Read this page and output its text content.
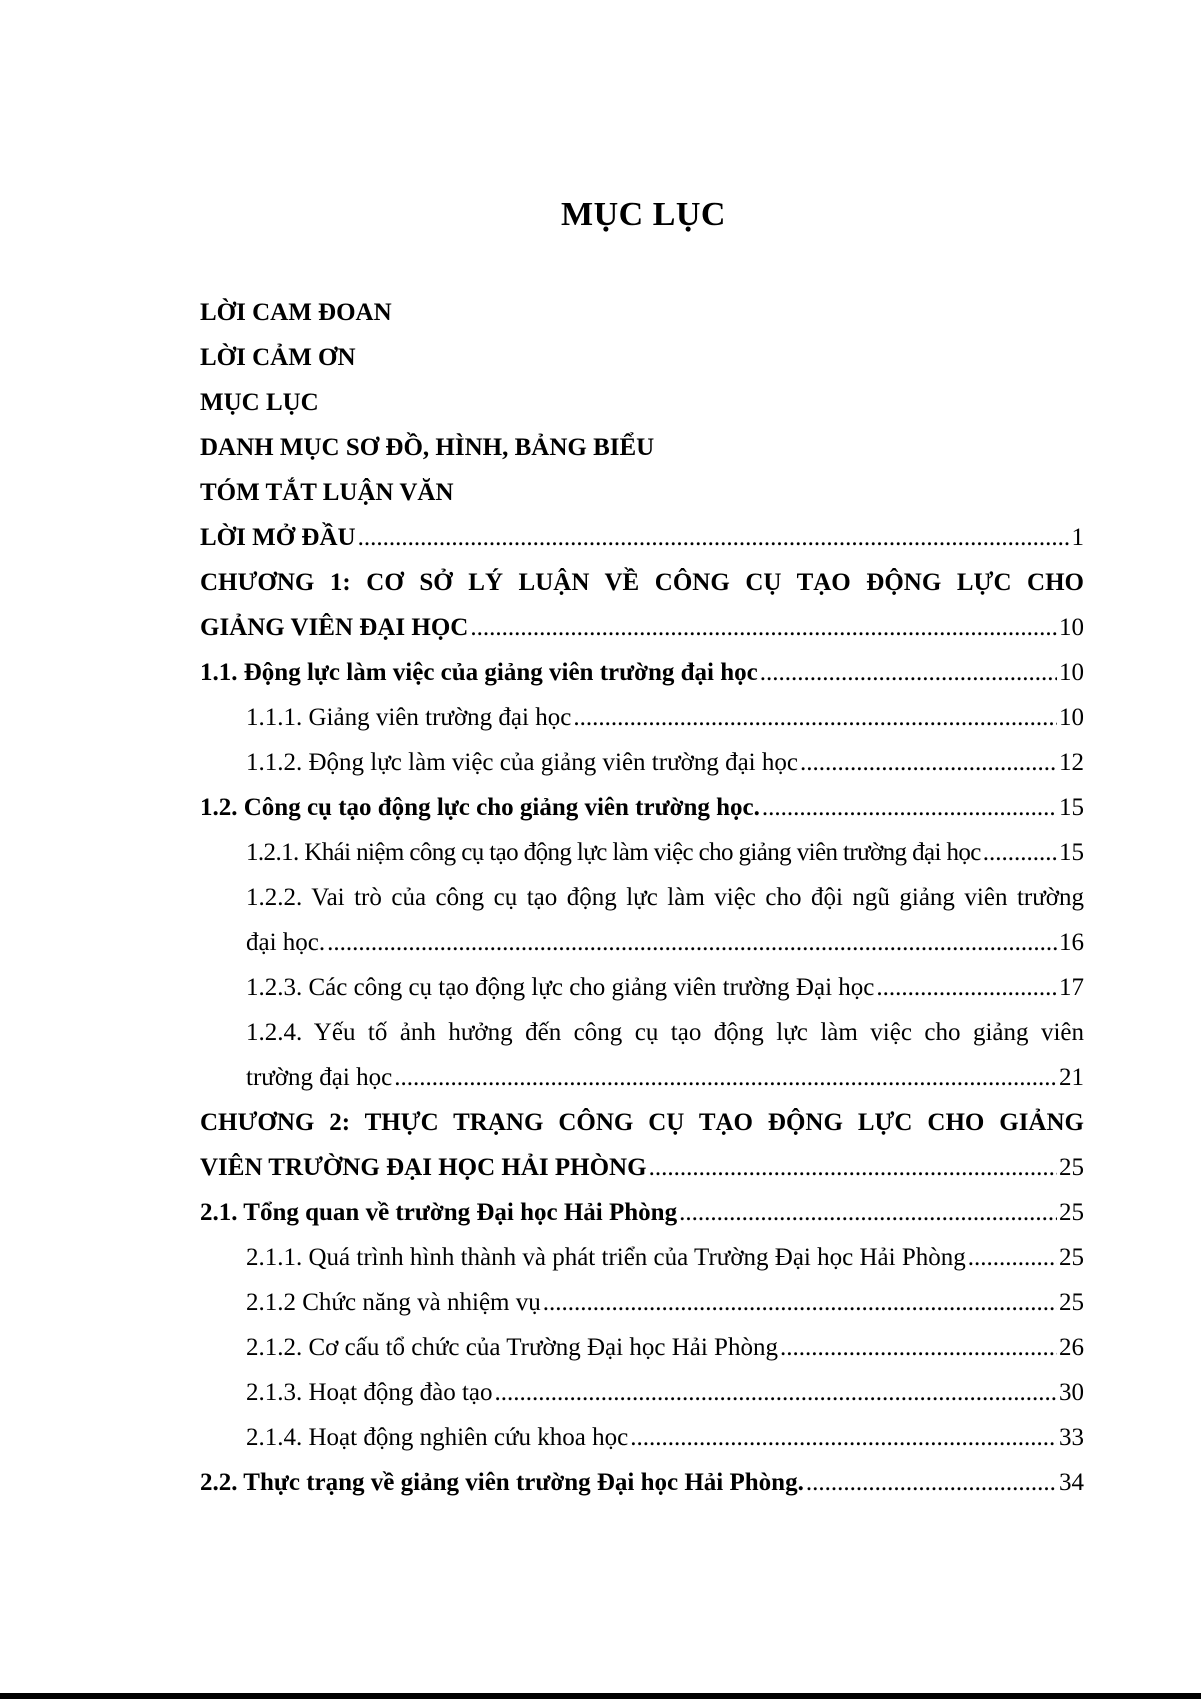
MỤC LỤC
LỜI CAM ĐOAN
LỜI CẢM ƠN
MỤC LỤC
DANH MỤC SƠ ĐỒ, HÌNH, BẢNG BIỂU
TÓM TẮT LUẬN VĂN
LỜI MỞ ĐẦU .....	1
CHƯƠNG 1: CƠ SỞ LÝ LUẬN VỀ CÔNG CỤ TẠO ĐỘNG LỰC CHO
GIẢNG VIÊN ĐẠI HỌC .....	10
1.1. Động lực làm việc của giảng viên trường đại học .....	10
1.1.1. Giảng viên trường đại học .....	10
1.1.2. Động lực làm việc của giảng viên trường đại học .....	12
1.2. Công cụ tạo động lực cho giảng viên trường học. .....	15
1.2.1. Khái niệm công cụ tạo động lực làm việc cho giảng viên trường đại học .....	15
1.2.2. Vai trò của công cụ tạo động lực làm việc cho đội ngũ giảng viên trường
đại học. .....	16
1.2.3. Các công cụ tạo động lực cho giảng viên trường Đại học .....	17
1.2.4. Yếu tố ảnh hưởng đến công cụ tạo động lực làm việc cho giảng viên
trường đại học .....	21
CHƯƠNG 2: THỰC TRẠNG CÔNG CỤ TẠO ĐỘNG LỰC CHO GIẢNG
VIÊN TRƯỜNG ĐẠI HỌC HẢI PHÒNG .....	25
2.1. Tổng quan về trường Đại học Hải Phòng .....	25
2.1.1. Quá trình hình thành và phát triển của Trường Đại học Hải Phòng .....	25
2.1.2 Chức năng và nhiệm vụ .....	25
2.1.2. Cơ cấu tổ chức của Trường Đại học Hải Phòng .....	26
2.1.3. Hoạt động đào tạo .....	30
2.1.4. Hoạt động nghiên cứu khoa học .....	33
2.2. Thực trạng về giảng viên trường Đại học Hải Phòng. .....	34
